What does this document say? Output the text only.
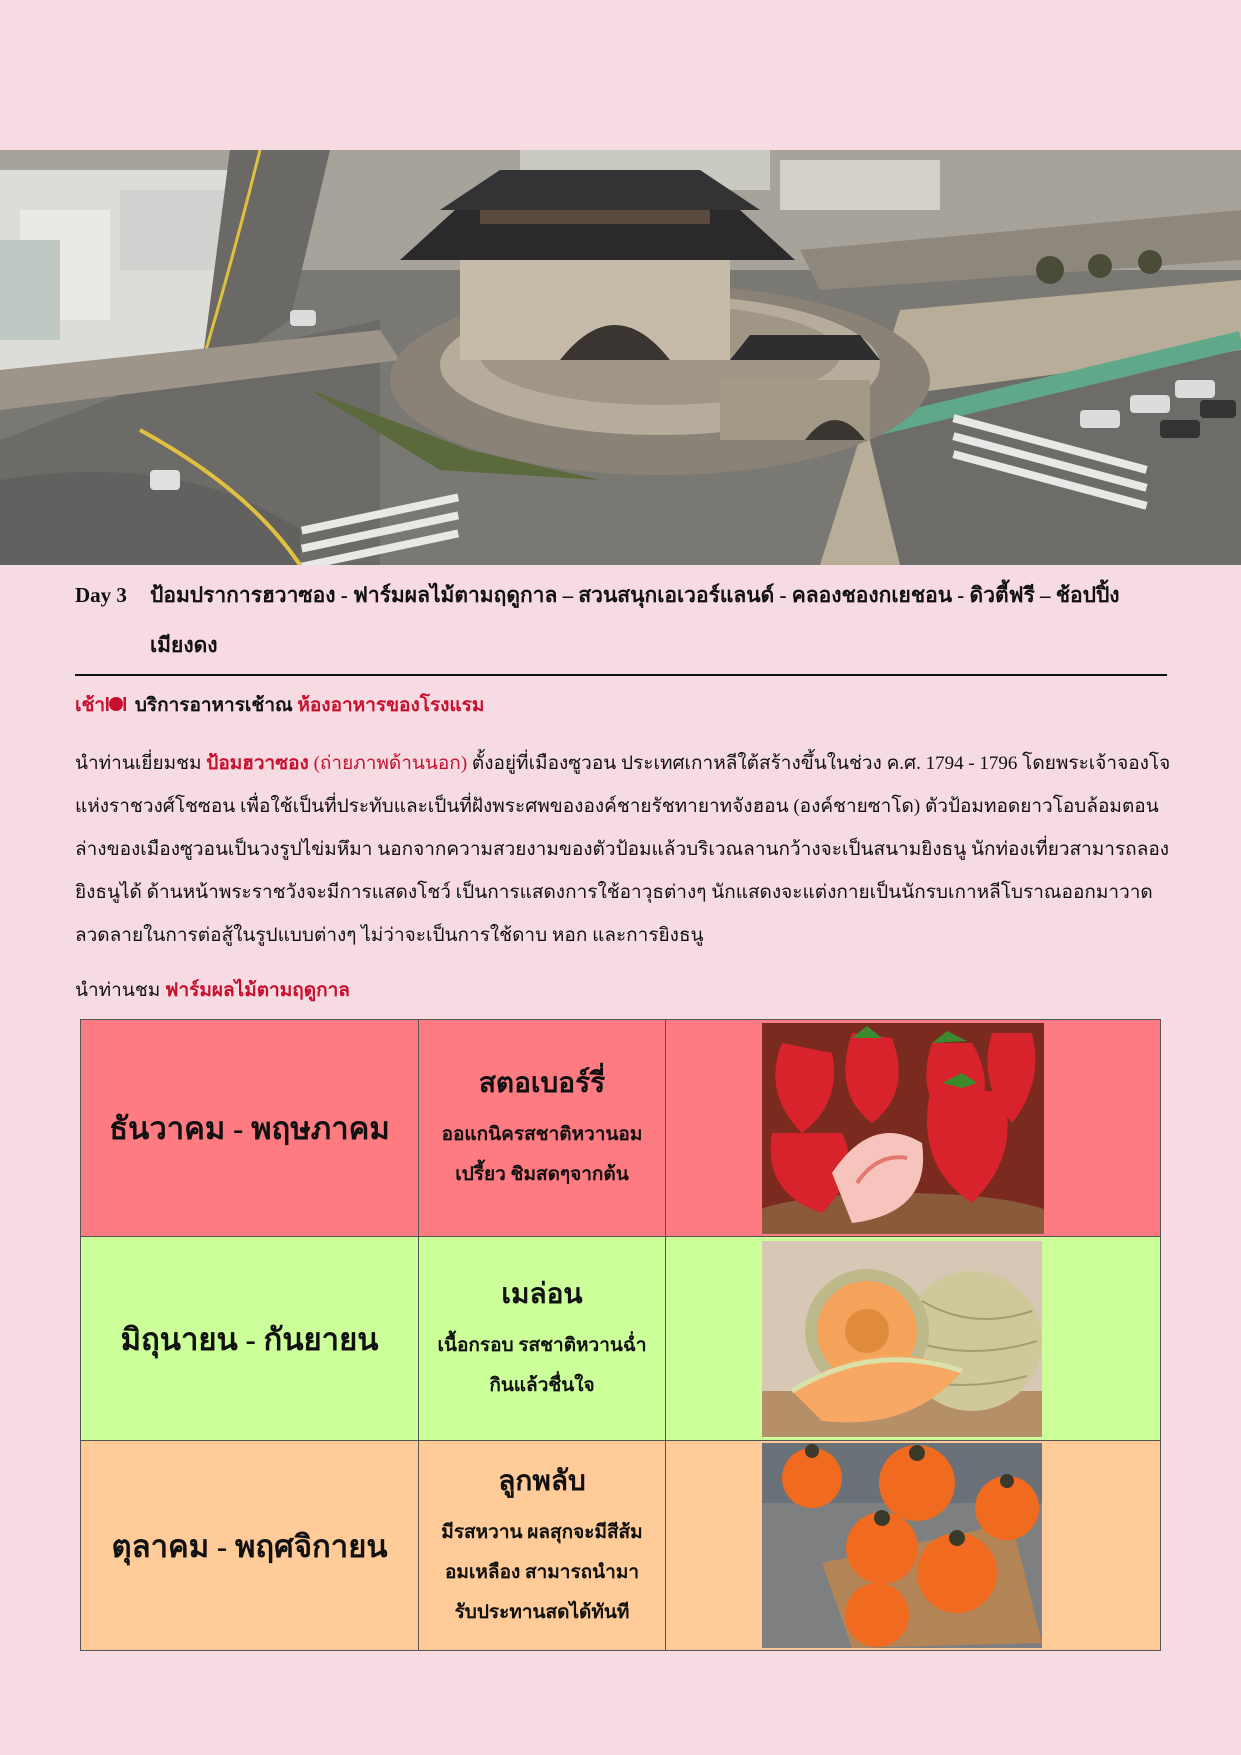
Day 3 ป้อมปราการฮวาซอง - ฟาร์มผลไม้ตามฤดูกาล – สวนสนุกเอเวอร์แลนด์ - คลองชองกเยชอน - ดิวตี้ฟรี – ช้อปปิ้ง
เมียงดง
เช้า บริการอาหารเช้าณ ห้องอาหารของโรงแรม
นำท่านเยี่ยมชม ป้อมฮวาซอง (ถ่ายภาพด้านนอก) ตั้งอยู่ที่เมืองซูวอน ประเทศเกาหลีใต้สร้างขึ้นในช่วง ค.ศ. 1794 - 1796 โดยพระเจ้าจองโจแห่งราชวงศ์โชซอน เพื่อใช้เป็นที่ประทับและเป็นที่ฝังพระศพขององค์ชายรัชทายาทจังฮอน (องค์ชายซาโด) ตัวป้อมทอดยาวโอบล้อมตอนล่างของเมืองซูวอนเป็นวงรูปไข่มหึมา นอกจากความสวยงามของตัวป้อมแล้วบริเวณลานกว้างจะเป็นสนามยิงธนู นักท่องเที่ยวสามารถลองยิงธนูได้ ด้านหน้าพระราชวังจะมีการแสดงโชว์ เป็นการแสดงการใช้อาวุธต่างๆ นักแสดงจะแต่งกายเป็นนักรบเกาหลีโบราณออกมาวาดลวดลายในการต่อสู้ในรูปแบบต่างๆ ไม่ว่าจะเป็นการใช้ดาบ หอก และการยิงธนู
นำท่านชม ฟาร์มผลไม้ตามฤดูกาล
ธันวาคม - พฤษภาคม	สตอเบอร์รี่
ออแกนิครสชาติหวานอม
เปรี้ยว ชิมสดๆจากต้น

มิถุนายน - กันยายน	เมล่อน
เนื้อกรอบ รสชาติหวานฉ่ำ
กินแล้วชื่นใจ

ตุลาคม - พฤศจิกายน	ลูกพลับ
มีรสหวาน ผลสุกจะมีสีส้ม
อมเหลือง สามารถนำมา
รับประทานสดได้ทันที
